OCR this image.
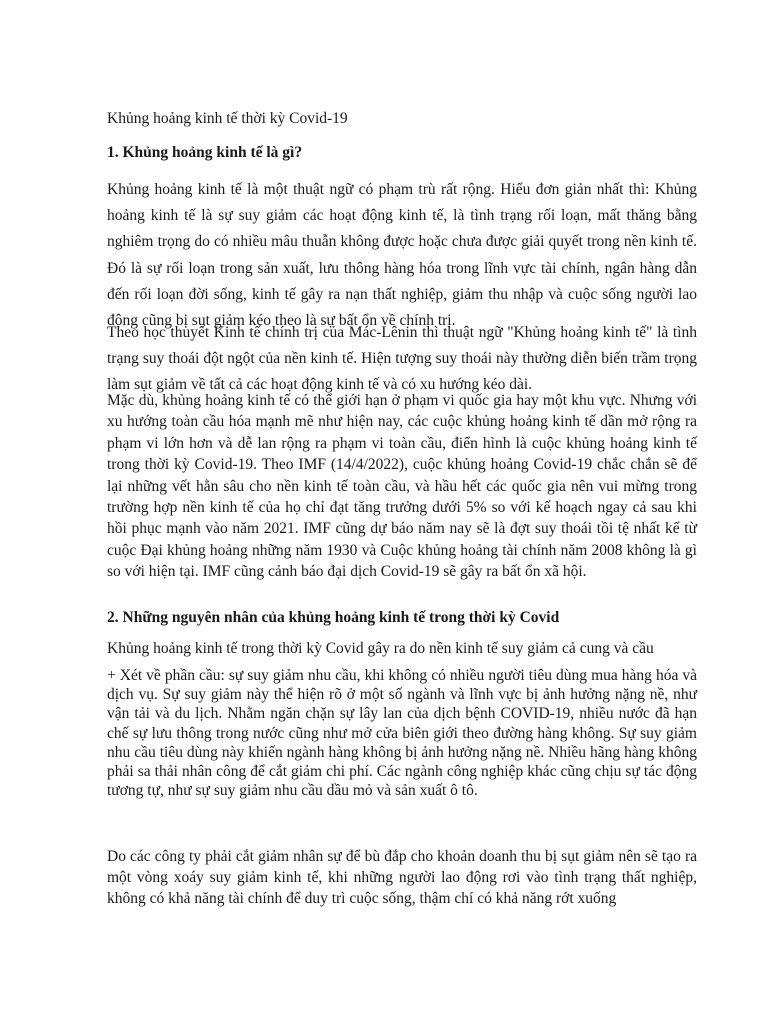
Khủng hoảng kinh tế thời kỳ Covid-19
1. Khủng hoảng kinh tế là gì?

Khủng hoảng kinh tế là một thuật ngữ có phạm trù rất rộng. Hiểu đơn giản nhất thì: Khủng hoảng kinh tế là sự suy giảm các hoạt động kinh tế, là tình trạng rối loạn, mất thăng bằng nghiêm trọng do có nhiều mâu thuẫn không được hoặc chưa được giải quyết trong nền kinh tế. Đó là sự rối loạn trong sản xuất, lưu thông hàng hóa trong lĩnh vực tài chính, ngân hàng dẫn đến rối loạn đời sống, kinh tế gây ra nạn thất nghiệp, giảm thu nhập và cuộc sống người lao động cũng bị sụt giảm kéo theo là sự bất ổn về chính trị.

Theo học thuyết Kinh tế chính trị của Mác-Lênin thì thuật ngữ "Khủng hoảng kinh tế" là tình trạng suy thoái đột ngột của nền kinh tế. Hiện tượng suy thoái này thường diễn biến trầm trọng làm sụt giảm về tất cả các hoạt động kinh tế và có xu hướng kéo dài.

Mặc dù, khủng hoảng kinh tế có thể giới hạn ở phạm vi quốc gia hay một khu vực. Nhưng với xu hướng toàn cầu hóa mạnh mẽ như hiện nay, các cuộc khủng hoảng kinh tế dần mở rộng ra phạm vi lớn hơn và dễ lan rộng ra phạm vi toàn cầu, điển hình là cuộc khủng hoảng kinh tế trong thời kỳ Covid-19. Theo IMF (14/4/2022), cuộc khủng hoảng Covid-19 chắc chắn sẽ để lại những vết hằn sâu cho nền kinh tế toàn cầu, và hầu hết các quốc gia nên vui mừng trong trường hợp nền kinh tế của họ chỉ đạt tăng trưởng dưới 5% so với kế hoạch ngay cả sau khi hồi phục mạnh vào năm 2021. IMF cũng dự báo năm nay sẽ là đợt suy thoái tồi tệ nhất kể từ cuộc Đại khủng hoảng những năm 1930 và Cuộc khủng hoảng tài chính năm 2008 không là gì so với hiện tại. IMF cũng cảnh báo đại dịch Covid-19 sẽ gây ra bất ổn xã hội.

2. Những nguyên nhân của khủng hoảng kinh tế trong thời kỳ Covid

Khủng hoảng kinh tế trong thời kỳ Covid gây ra do nền kinh tế suy giảm cả cung và cầu

+ Xét về phần cầu: sự suy giảm nhu cầu, khi không có nhiều người tiêu dùng mua hàng hóa và dịch vụ. Sự suy giảm này thể hiện rõ ở một số ngành và lĩnh vực bị ảnh hưởng nặng nề, như vận tải và du lịch. Nhằm ngăn chặn sự lây lan của dịch bệnh COVID-19, nhiều nước đã hạn chế sự lưu thông trong nước cũng như mở cửa biên giới theo đường hàng không. Sự suy giảm nhu cầu tiêu dùng này khiến ngành hàng không bị ảnh hưởng nặng nề. Nhiều hãng hàng không phải sa thải nhân công để cắt giảm chi phí. Các ngành công nghiệp khác cũng chịu sự tác động tương tự, như sự suy giảm nhu cầu dầu mỏ và sản xuất ô tô.

Do các công ty phải cắt giảm nhân sự để bù đắp cho khoản doanh thu bị sụt giảm nên sẽ tạo ra một vòng xoáy suy giảm kinh tế, khi những người lao động rơi vào tình trạng thất nghiệp, không có khả năng tài chính để duy trì cuộc sống, thậm chí có khả năng rớt xuống
